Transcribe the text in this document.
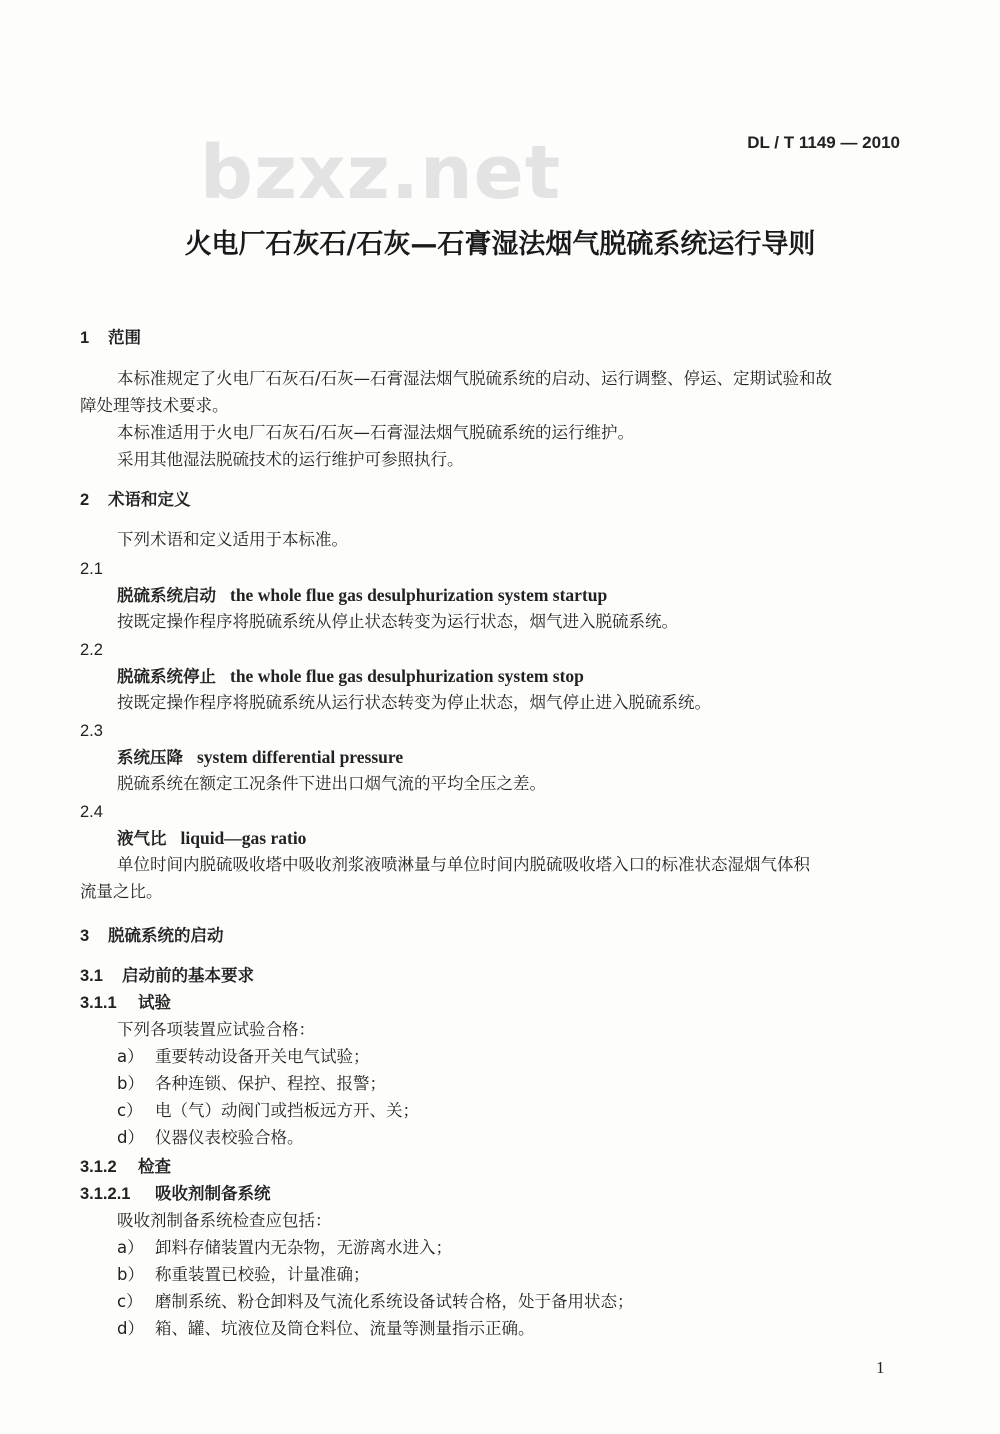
bzxz.net	DL / T 1149 — 2010
火电厂石灰石/石灰—石膏湿法烟气脱硫系统运行导则
1 范围
本标准规定了火电厂石灰石/石灰—石膏湿法烟气脱硫系统的启动、运行调整、停运、定期试验和故
障处理等技术要求。
本标准适用于火电厂石灰石/石灰—石膏湿法烟气脱硫系统的运行维护。
采用其他湿法脱硫技术的运行维护可参照执行。
2 术语和定义
下列术语和定义适用于本标准。
2.1
脱硫系统启动 the whole flue gas desulphurization system startup
按既定操作程序将脱硫系统从停止状态转变为运行状态，烟气进入脱硫系统。
2.2
脱硫系统停止 the whole flue gas desulphurization system stop
按既定操作程序将脱硫系统从运行状态转变为停止状态，烟气停止进入脱硫系统。
2.3
系统压降 system differential pressure
脱硫系统在额定工况条件下进出口烟气流的平均全压之差。
2.4
液气比 liquid—gas ratio
单位时间内脱硫吸收塔中吸收剂浆液喷淋量与单位时间内脱硫吸收塔入口的标准状态湿烟气体积
流量之比。
3 脱硫系统的启动
3.1 启动前的基本要求
3.1.1 试验
下列各项装置应试验合格：
a） 重要转动设备开关电气试验；
b） 各种连锁、保护、程控、报警；
c） 电（气）动阀门或挡板远方开、关；
d） 仪器仪表校验合格。
3.1.2 检查
3.1.2.1 吸收剂制备系统
吸收剂制备系统检查应包括：
a） 卸料存储装置内无杂物，无游离水进入；
b） 称重装置已校验，计量准确；
c） 磨制系统、粉仓卸料及气流化系统设备试转合格，处于备用状态；
d） 箱、罐、坑液位及筒仓料位、流量等测量指示正确。
1
